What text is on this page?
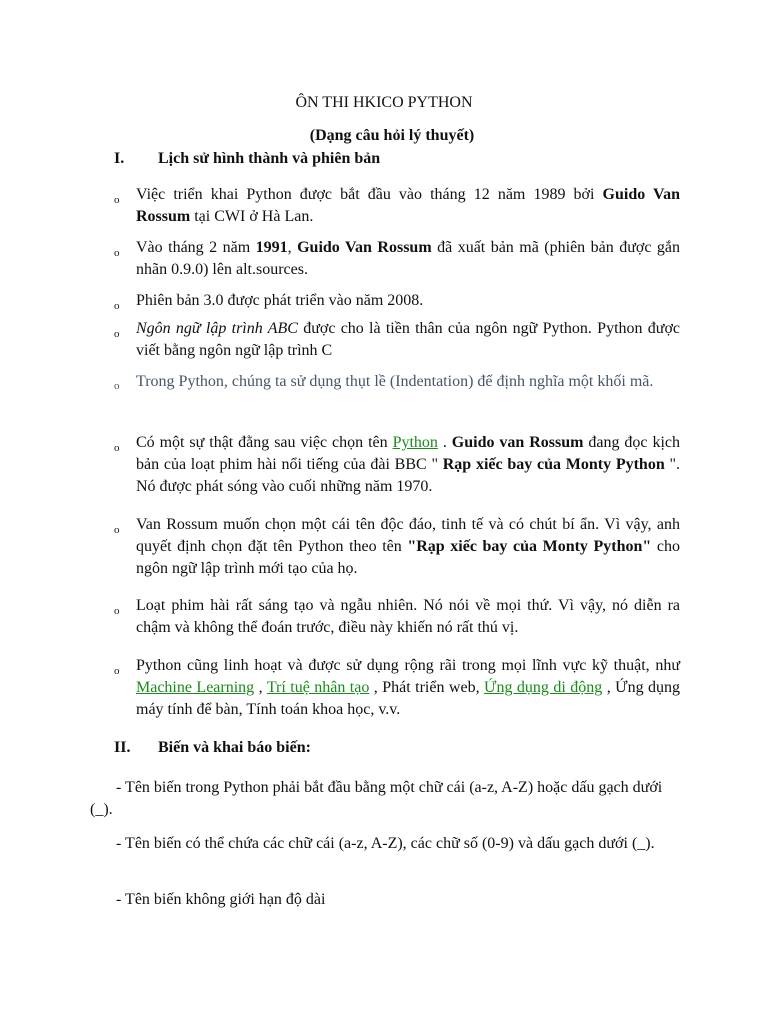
ÔN THI HKICO PYTHON
(Dạng câu hỏi lý thuyết)
I. Lịch sử hình thành và phiên bản
o Việc triển khai Python được bắt đầu vào tháng 12 năm 1989 bởi Guido Van Rossum tại CWI ở Hà Lan.
o Vào tháng 2 năm 1991, Guido Van Rossum đã xuất bản mã (phiên bản được gắn nhãn 0.9.0) lên alt.sources.
o Phiên bản 3.0 được phát triển vào năm 2008.
o Ngôn ngữ lập trình ABC được cho là tiền thân của ngôn ngữ Python. Python được viết bằng ngôn ngữ lập trình C
o Trong Python, chúng ta sử dụng thụt lề (Indentation) để định nghĩa một khối mã.
o Có một sự thật đằng sau việc chọn tên Python . Guido van Rossum đang đọc kịch bản của loạt phim hài nổi tiếng của đài BBC " Rạp xiếc bay của Monty Python ". Nó được phát sóng vào cuối những năm 1970.
o Van Rossum muốn chọn một cái tên độc đáo, tinh tế và có chút bí ẩn. Vì vậy, anh quyết định chọn đặt tên Python theo tên "Rạp xiếc bay của Monty Python" cho ngôn ngữ lập trình mới tạo của họ.
o Loạt phim hài rất sáng tạo và ngẫu nhiên. Nó nói về mọi thứ. Vì vậy, nó diễn ra chậm và không thể đoán trước, điều này khiến nó rất thú vị.
o Python cũng linh hoạt và được sử dụng rộng rãi trong mọi lĩnh vực kỹ thuật, như Machine Learning , Trí tuệ nhân tạo , Phát triển web, Ứng dụng di động , Ứng dụng máy tính để bàn, Tính toán khoa học, v.v.
II. Biến và khai báo biến:
- Tên biến trong Python phải bắt đầu bằng một chữ cái (a-z, A-Z) hoặc dấu gạch dưới (_).
- Tên biến có thể chứa các chữ cái (a-z, A-Z), các chữ số (0-9) và dấu gạch dưới (_).
- Tên biến không giới hạn độ dài
